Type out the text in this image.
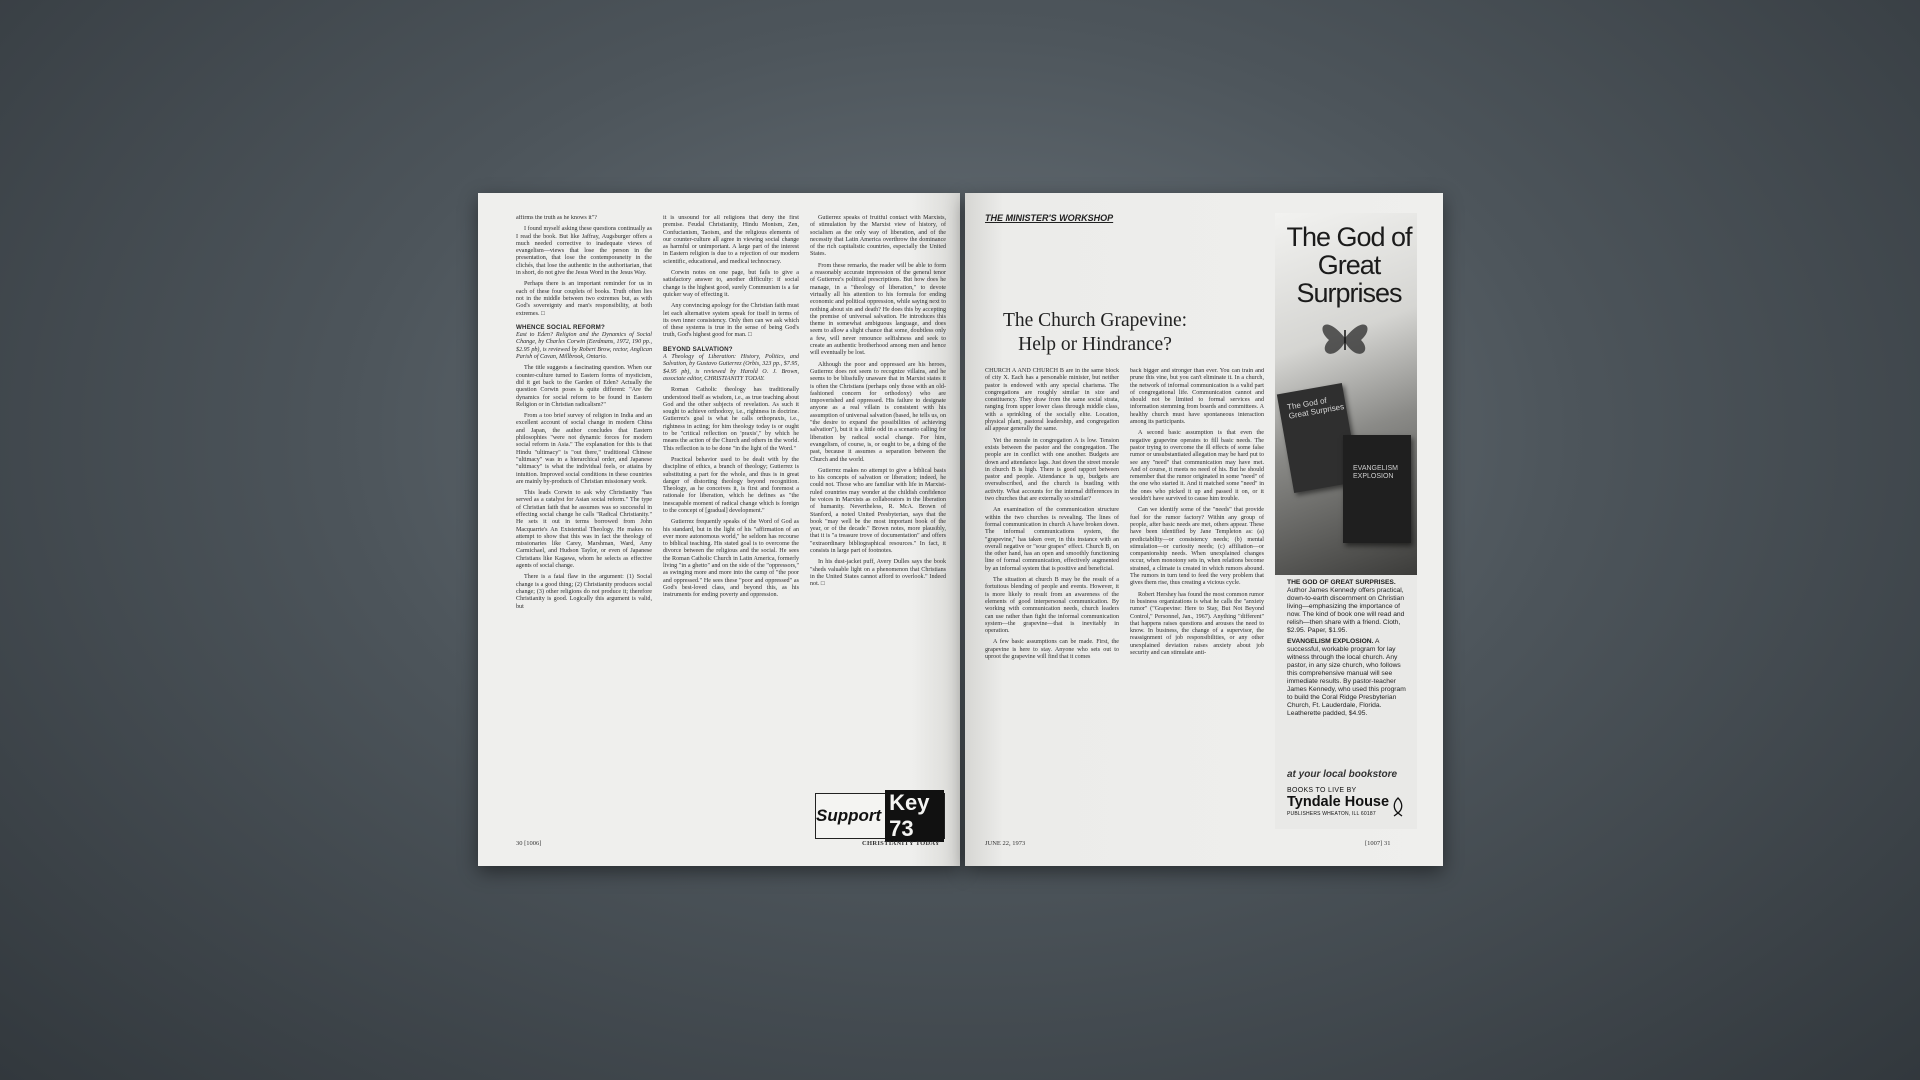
affirms the truth as he knows it"?

I found myself asking these questions continually as I read the book. But like Jaffray, Augsburger offers a much needed corrective to inadequate views of evangelism—views that lose the person in the presentation, that lose the contemporaneity in the clichés, that lose the authentic in the authoritarian, that in short, do not give the Jesus Word in the Jesus Way.

Perhaps there is an important reminder for us in each of these four couplets of books. Truth often lies not in the middle between two extremes but, as with God's sovereignty and man's responsibility, at both extremes. □

WHENCE SOCIAL REFORM?

East to Eden? Religion and the Dynamics of Social Change, by Charles Corwin (Eerdmans, 1972, 190 pp., $2.95 pb), is reviewed by Robert Brow, rector, Anglican Parish of Cavan, Millbrook, Ontario.

The title suggests a fascinating question. When our counter-culture turned to Eastern forms of mysticism, did it get back to the Garden of Eden? Actually the question Corwin poses is quite different: "Are the dynamics for social reform to be found in Eastern Religion or in Christian radicalism?"

From a too brief survey of religion in India and an excellent account of social change in modern China and Japan, the author concludes that Eastern philosophies "were not dynamic forces for modern social reform in Asia." The explanation for this is that Hindu "ultimacy" is "out there," traditional Chinese "ultimacy" was in a hierarchical order, and Japanese "ultimacy" is what the individual feels, or attains by intuition. Improved social conditions in these countries are mainly by-products of Christian missionary work.

This leads Corwin to ask why Christianity "has served as a catalyst for Asian social reform." The type of Christian faith that he assumes was so successful in effecting social change he calls "Radical Christianity." He sets it out in terms borrowed from John Macquarrie's An Existential Theology. He makes no attempt to show that this was in fact the theology of missionaries like Carey, Marshman, Ward, Amy Carmichael, and Hudson Taylor, or even of Japanese Christians like Kagawa, whom he selects as effective agents of social change.

There is a fatal flaw in the argument: (1) Social change is a good thing; (2) Christianity produces social change; (3) other religions do not produce it; therefore Christianity is good. Logically this argument is valid, but

it is unsound for all religions that deny the first premise. Feudal Christianity, Hindu Monism, Zen, Confucianism, Taoism, and the religious elements of our counter-culture all agree in viewing social change as harmful or unimportant. A large part of the interest in Eastern religion is due to a rejection of our modern scientific, educational, and medical technocracy.

Corwin notes on one page, but fails to give a satisfactory answer to, another difficulty: if social change is the highest good, surely Communism is a far quicker way of effecting it.

Any convincing apology for the Christian faith must let each alternative system speak for itself in terms of its own inner consistency. Only then can we ask which of these systems is true in the sense of being God's truth, God's highest good for man. □

BEYOND SALVATION?

A Theology of Liberation: History, Politics, and Salvation, by Gustavo Gutierrez (Orbis, 323 pp., $7.95, $4.95 pb), is reviewed by Harold O. J. Brown, associate editor, CHRISTIANITY TODAY.

Roman Catholic theology has traditionally understood itself as wisdom, i.e., as true teaching about God and the other subjects of revelation. As such it sought to achieve orthodoxy, i.e., rightness in doctrine. Gutierrez's goal is what he calls orthopraxis, i.e., rightness in acting; for him theology today is or ought to be "critical reflection on 'praxis'," by which he means the action of the Church and others in the world. This reflection is to be done "in the light of the Word."

Practical behavior used to be dealt with by the discipline of ethics, a branch of theology; Gutierrez is substituting a part for the whole, and thus is in great danger of distorting theology beyond recognition. Theology, as he conceives it, is first and foremost a rationale for liberation, which he defines as "the inescapable moment of radical change which is foreign to the concept of [gradual] development."

Gutierrez frequently speaks of the Word of God as his standard, but in the light of his "affirmation of an ever more autonomous world," he seldom has recourse to biblical teaching. His stated goal is to overcome the divorce between the religious and the social. He sees the Roman Catholic Church in Latin America, formerly living "in a ghetto" and on the side of the "oppressors," as swinging more and more into the camp of "the poor and oppressed." He sees these "poor and oppressed" as God's best-loved class, and beyond this, as his instruments for ending poverty and oppression.

Gutierrez speaks of fruitful contact with Marxists, of stimulation by the Marxist view of history, of socialism as the only way of liberation, and of the necessity that Latin America overthrow the dominance of the rich capitalistic countries, especially the United States.

From these remarks, the reader will be able to form a reasonably accurate impression of the general tenor of Gutierrez's political prescriptions. But how does he manage, in a "theology of liberation," to devote virtually all his attention to his formula for ending economic and political oppression, while saying next to nothing about sin and death? He does this by accepting the premise of universal salvation. He introduces this theme in somewhat ambiguous language, and does seem to allow a slight chance that some, doubtless only a few, will never renounce selfishness and seek to create an authentic brotherhood among men and hence will eventually be lost.

Although the poor and oppressed are his heroes, Gutierrez does not seem to recognize villains, and he seems to be blissfully unaware that in Marxist states it is often the Christians (perhaps only those with an old-fashioned concern for orthodoxy) who are impoverished and oppressed. His failure to designate anyone as a real villain is consistent with his assumption of universal salvation (based, he tells us, on "the desire to expand the possibilities of achieving salvation"), but it is a little odd in a scenario calling for liberation by radical social change. For him, evangelism, of course, is, or ought to be, a thing of the past, because it assumes a separation between the Church and the world.

Gutierrez makes no attempt to give a biblical basis to his concepts of salvation or liberation; indeed, he could not. Those who are familiar with life in Marxist-ruled countries may wonder at the childish confidence he voices in Marxists as collaborators in the liberation of humanity. Nevertheless, R. McA. Brown of Stanford, a noted United Presbyterian, says that the book "may well be the most important book of the year, or of the decade." Brown notes, more plausibly, that it is "a treasure trove of documentation" and offers "extraordinary bibliographical resources." In fact, it consists in large part of footnotes.

In his dust-jacket puff, Avery Dulles says the book "sheds valuable light on a phenomenon that Christians in the United States cannot afford to overlook." Indeed not. □

Support
Key 73
30 [1006]	CHRISTIANITY TODAY
THE MINISTER'S WORKSHOP
The Church Grapevine:
Help or Hindrance?

CHURCH A AND CHURCH B are in the same block of city X. Each has a personable minister, but neither pastor is endowed with any special charisma. The congregations are roughly similar in size and constituency. They draw from the same social strata, ranging from upper lower class through middle class, with a sprinkling of the socially elite. Location, physical plant, pastoral leadership, and congregation all appear generally the same.

Yet the morale in congregation A is low. Tension exists between the pastor and the congregation. The people are in conflict with one another. Budgets are down and attendance lags. Just down the street morale in church B is high. There is good rapport between pastor and people. Attendance is up, budgets are oversubscribed, and the church is bustling with activity. What accounts for the internal differences in two churches that are externally so similar?

An examination of the communication structure within the two churches is revealing. The lines of formal communication in church A have broken down. The informal communications system, the "grapevine," has taken over, in this instance with an overall negative or "sour grapes" effect. Church B, on the other hand, has an open and smoothly functioning line of formal communication, effectively augmented by an informal system that is positive and beneficial.

The situation at church B may be the result of a fortuitous blending of people and events. However, it is more likely to result from an awareness of the elements of good interpersonal communication. By working with communication needs, church leaders can use rather than fight the informal communication system—the grapevine—that is inevitably in operation.

A few basic assumptions can be made. First, the grapevine is here to stay. Anyone who sets out to uproot the grapevine will find that it comes

back bigger and stronger than ever. You can train and prune this vine, but you can't eliminate it. In a church, the network of informal communication is a valid part of congregational life. Communication cannot and should not be limited to formal services and information stemming from boards and committees. A healthy church must have spontaneous interaction among its participants.

A second basic assumption is that even the negative grapevine operates to fill basic needs. The pastor trying to overcome the ill effects of some false rumor or unsubstantiated allegation may be hard put to see any "need" that communication may have met. And of course, it meets no need of his. But he should remember that the rumor originated in some "need" of the one who started it. And it matched some "need" in the ones who picked it up and passed it on, or it wouldn't have survived to cause him trouble.

Can we identify some of the "needs" that provide fuel for the rumor factory? Within any group of people, after basic needs are met, others appear. These have been identified by Jane Templeton as: (a) predictability—or consistency needs; (b) mental stimulation—or curiosity needs; (c) affiliation—or companionship needs. When unexplained changes occur, when monotony sets in, when relations become strained, a climate is created in which rumors abound. The rumors in turn tend to feed the very problem that gives them rise, thus creating a vicious cycle.

Robert Hershey has found the most common rumor in business organizations is what he calls the "anxiety rumor" ("Grapevine: Here to Stay, But Not Beyond Control," Personnel, Jan., 1967). Anything "different" that happens raises questions and arouses the need to know. In business, the change of a supervisor, the reassignment of job responsibilities, or any other unexplained deviation raises anxiety about job security and can stimulate anti-

The God of Great Surprises
The God of Great Surprises
EVANGELISM EXPLOSION

THE GOD OF GREAT SURPRISES. Author James Kennedy offers practical, down-to-earth discernment on Christian living—emphasizing the importance of now. The kind of book one will read and relish—then share with a friend. Cloth, $2.95. Paper, $1.95.

EVANGELISM EXPLOSION. A successful, workable program for lay witness through the local church. Any pastor, in any size church, who follows this comprehensive manual will see immediate results. By pastor-teacher James Kennedy, who used this program to build the Coral Ridge Presbyterian Church, Ft. Lauderdale, Florida. Leatherette padded, $4.95.

at your local bookstore
BOOKS TO LIVE BY
Tyndale House
PUBLISHERS WHEATON, ILL 60187
JUNE 22, 1973	[1007] 31
